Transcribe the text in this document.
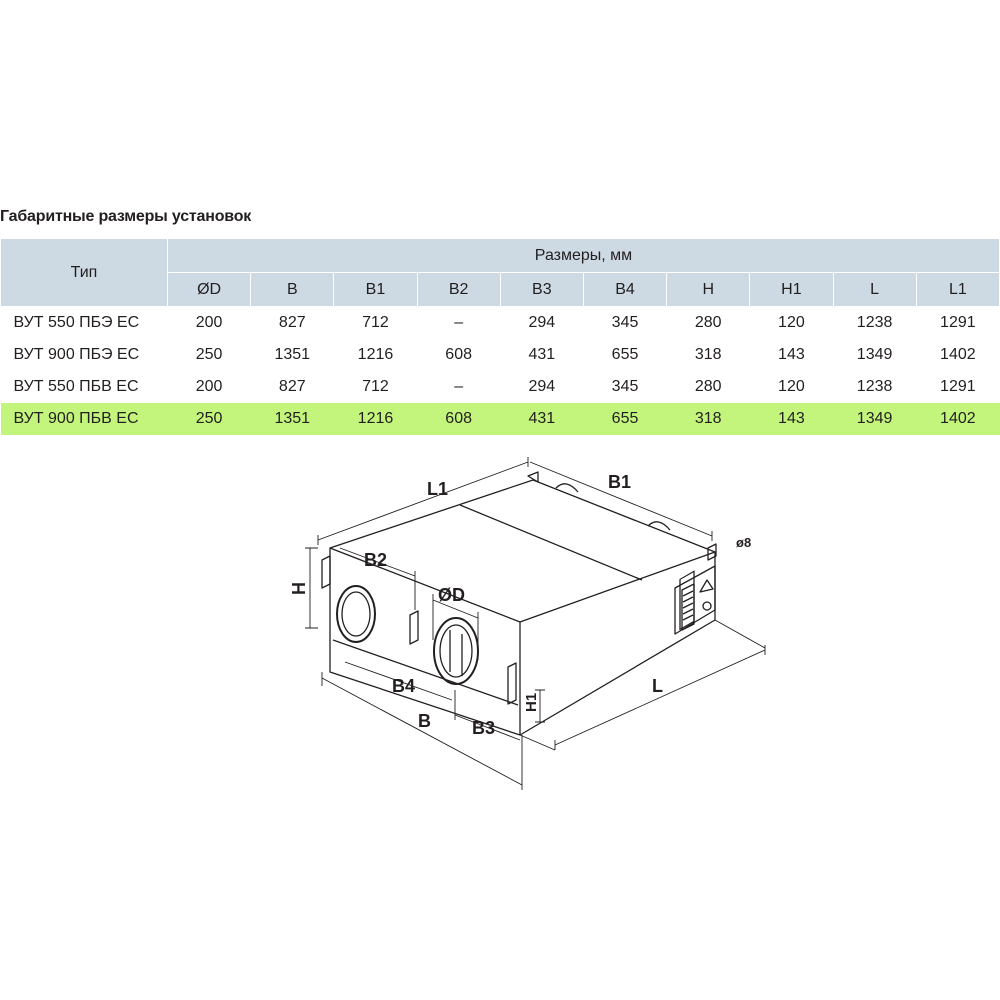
Габаритные размеры установок
Тип	Размеры, мм									
	ØD	B	B1	B2	B3	B4	H	H1	L	L1
ВУТ 550 ПБЭ ЕС	200	827	712	–	294	345	280	120	1238	1291
ВУТ 900 ПБЭ ЕС	250	1351	1216	608	431	655	318	143	1349	1402
ВУТ 550 ПБВ ЕС	200	827	712	–	294	345	280	120	1238	1291
ВУТ 900 ПБВ ЕС	250	1351	1216	608	431	655	318	143	1349	1402
L1	B1
ø8
B2
H	ØD
B4
H1
L
B B3
